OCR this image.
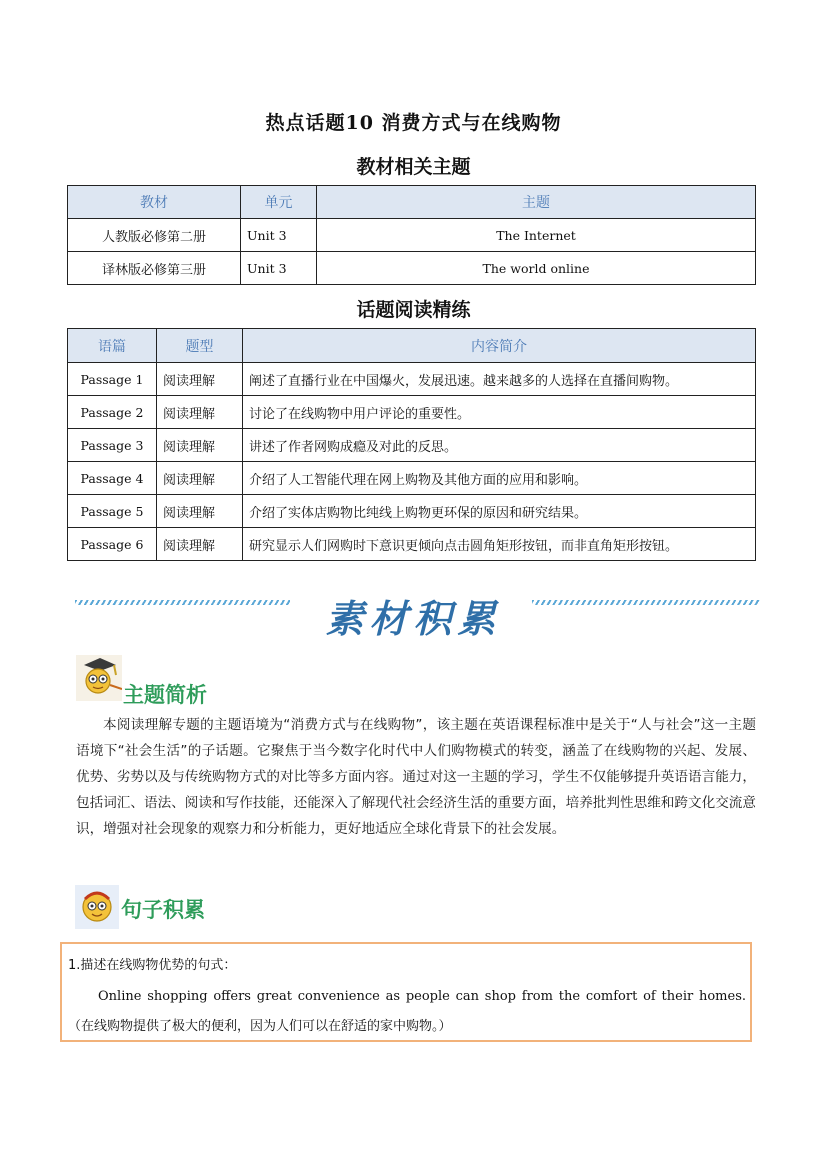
热点话题10 消费方式与在线购物
教材相关主题
教材	单元	主题
人教版必修第二册	Unit 3	The Internet
译林版必修第三册	Unit 3	The world online
话题阅读精练
语篇	题型	内容简介
Passage 1	阅读理解	阐述了直播行业在中国爆火，发展迅速。越来越多的人选择在直播间购物。
Passage 2	阅读理解	讨论了在线购物中用户评论的重要性。
Passage 3	阅读理解	讲述了作者网购成瘾及对此的反思。
Passage 4	阅读理解	介绍了人工智能代理在网上购物及其他方面的应用和影响。
Passage 5	阅读理解	介绍了实体店购物比纯线上购物更环保的原因和研究结果。
Passage 6	阅读理解	研究显示人们网购时下意识更倾向点击圆角矩形按钮，而非直角矩形按钮。
素材积累
主题简析

本阅读理解专题的主题语境为“消费方式与在线购物”，该主题在英语课程标准中是关于“人与社会”这一主题语境下“社会生活”的子话题。它聚焦于当今数字化时代中人们购物模式的转变，涵盖了在线购物的兴起、发展、优势、劣势以及与传统购物方式的对比等多方面内容。通过对这一主题的学习，学生不仅能够提升英语语言能力，包括词汇、语法、阅读和写作技能，还能深入了解现代社会经济生活的重要方面，培养批判性思维和跨文化交流意识，增强对社会现象的观察力和分析能力，更好地适应全球化背景下的社会发展。

句子积累
1.描述在线购物优势的句式：

Online shopping offers great convenience as people can shop from the comfort of their homes. （在线购物提供了极大的便利，因为人们可以在舒适的家中购物。）
